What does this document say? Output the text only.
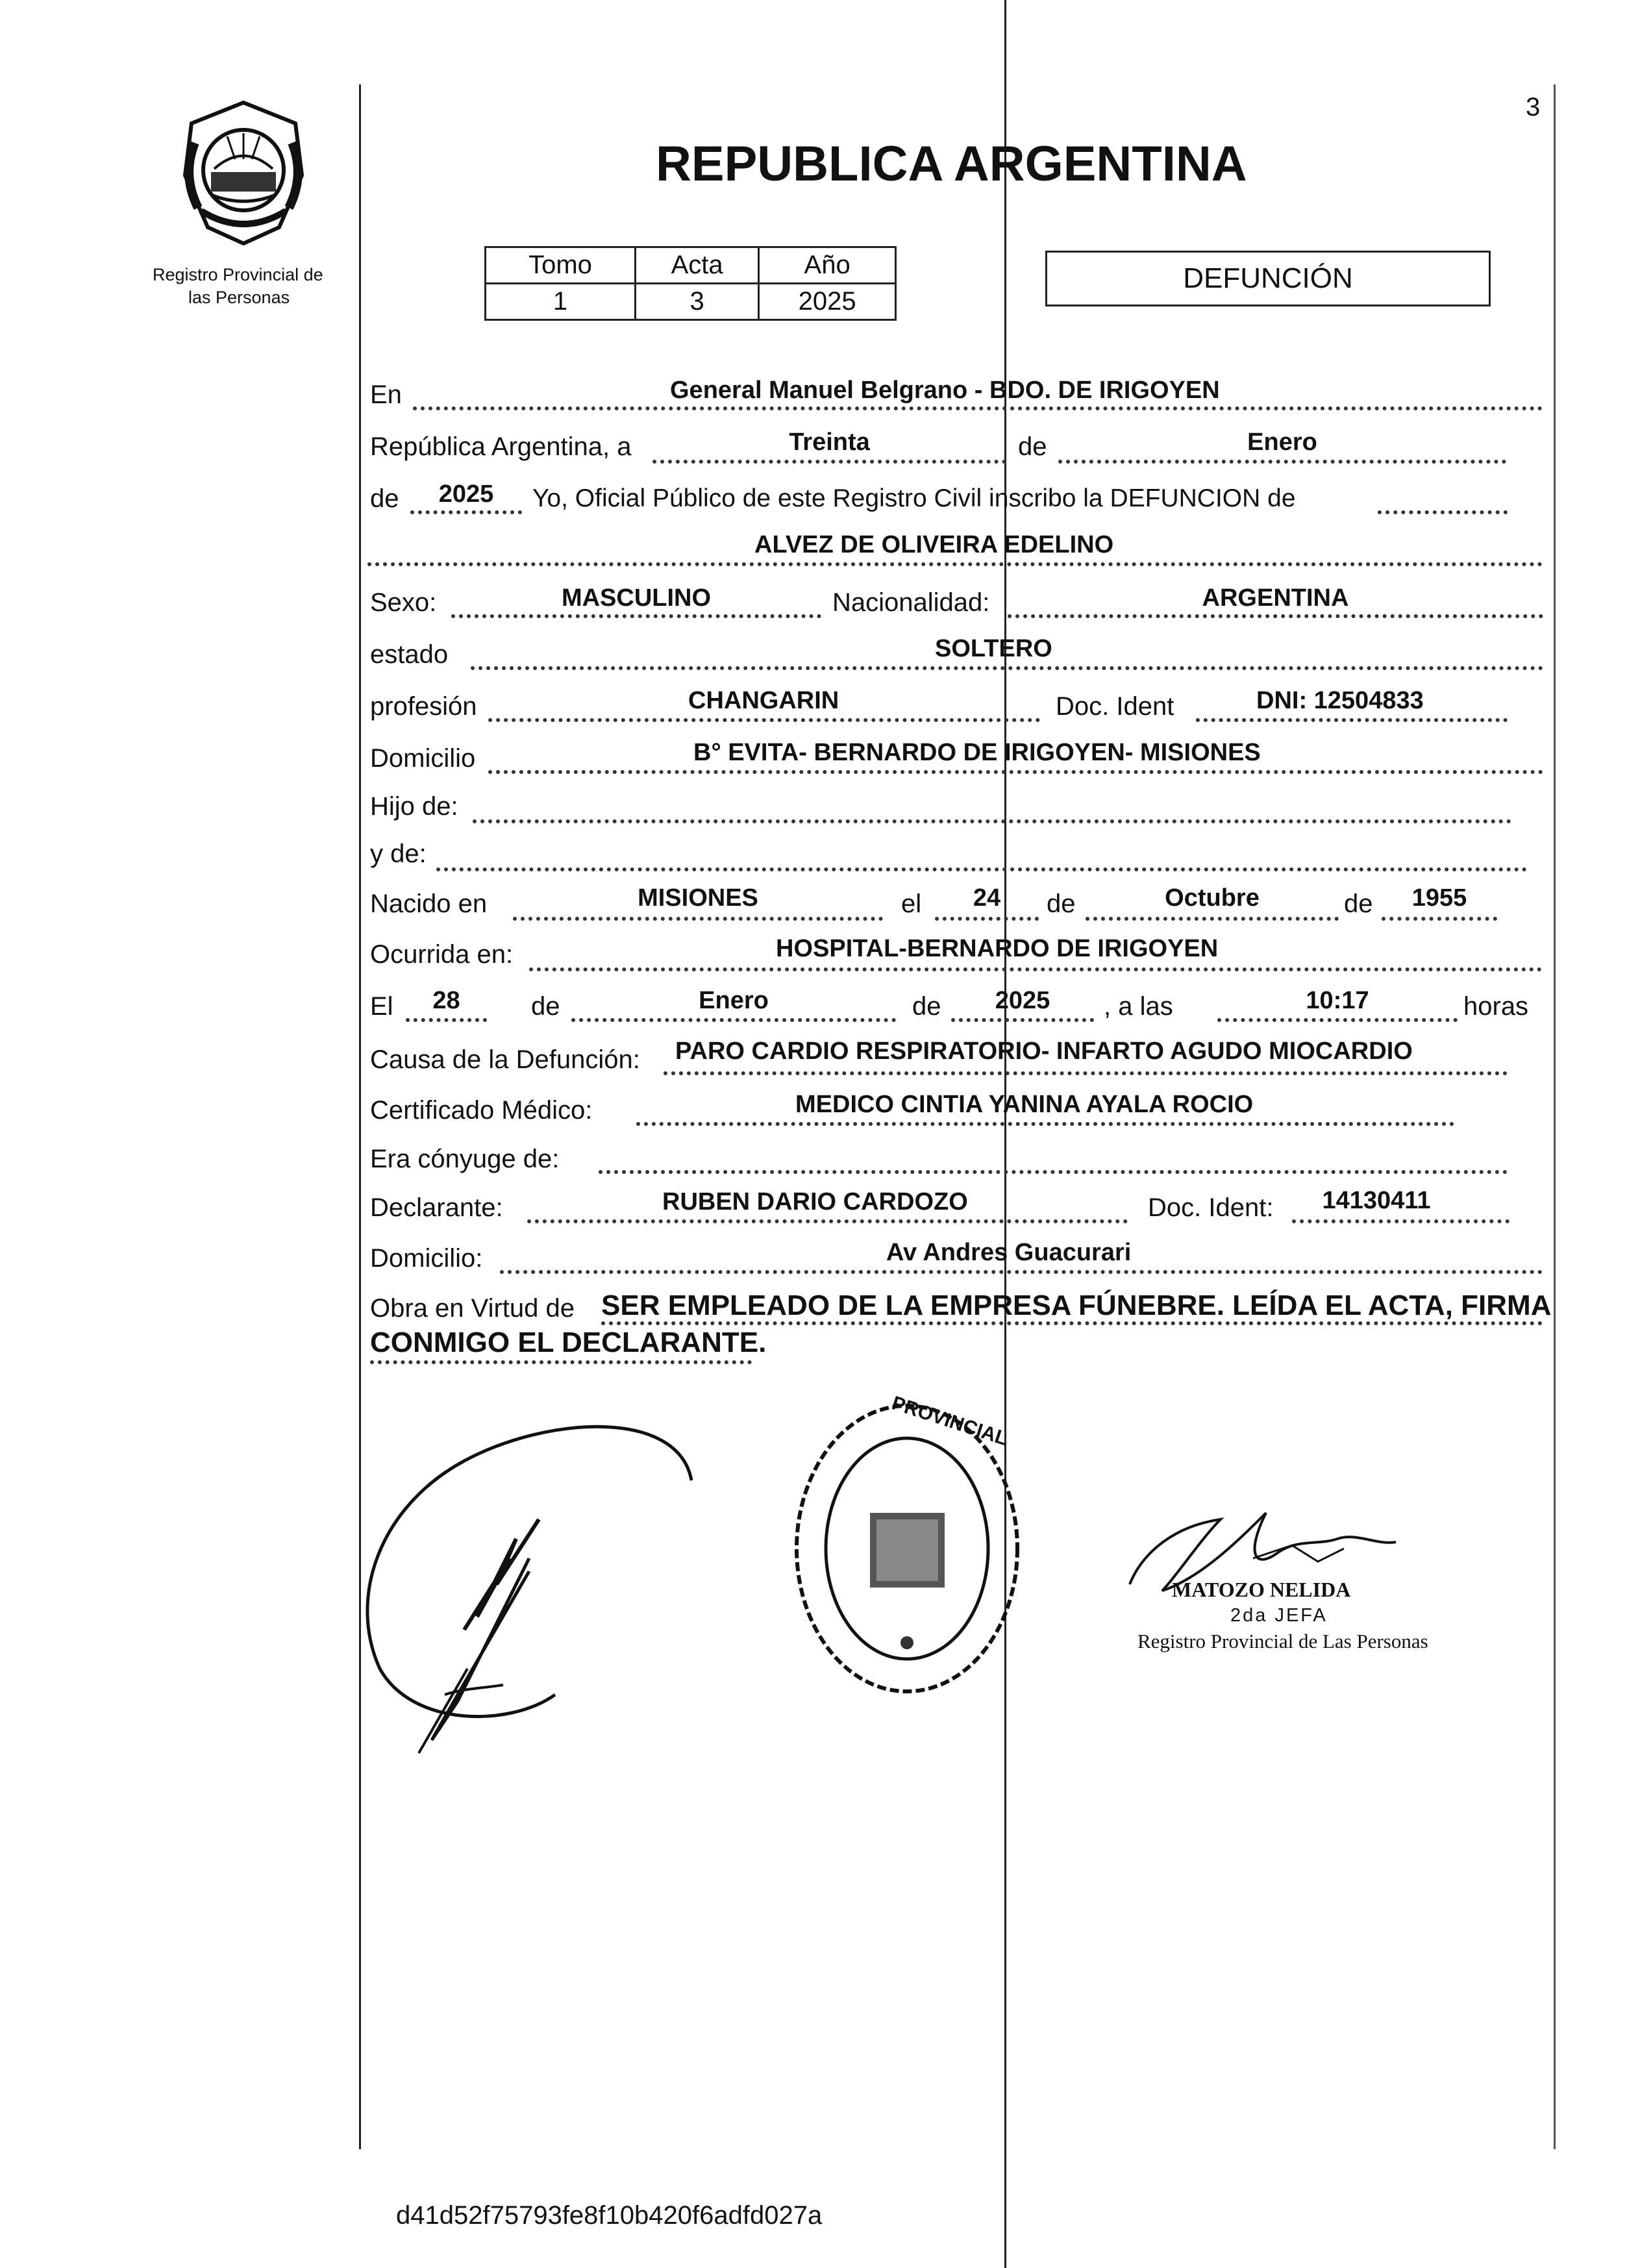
3
Registro Provincial de
las Personas
REPUBLICA ARGENTINA
Tomo	Acta	Año
1	3	2025
DEFUNCIÓN
En	General Manuel Belgrano - BDO. DE IRIGOYEN
República Argentina, a	Treinta	de	Enero
de	2025	Yo, Oficial Público de este Registro Civil inscribo la DEFUNCION de
ALVEZ DE OLIVEIRA EDELINO
Sexo:	MASCULINO	Nacionalidad:	ARGENTINA
estado	SOLTERO
profesión	CHANGARIN	Doc. Ident	DNI: 12504833
Domicilio	B° EVITA- BERNARDO DE IRIGOYEN- MISIONES
Hijo de:
y de:
Nacido en	MISIONES	el	24	de	Octubre	de	1955
Ocurrida en:	HOSPITAL-BERNARDO DE IRIGOYEN
El	28	de	Enero	de	2025	, a las	10:17	horas
Causa de la Defunción: PARO CARDIO RESPIRATORIO- INFARTO AGUDO MIOCARDIO
Certificado Médico:	MEDICO CINTIA YANINA AYALA ROCIO
Era cónyuge de:
Declarante:	RUBEN DARIO CARDOZO	Doc. Ident:	14130411
Domicilio:	Av Andres Guacurari
Obra en Virtud de SER EMPLEADO DE LA EMPRESA FÚNEBRE. LEÍDA EL ACTA, FIRMA
CONMIGO EL DECLARANTE.
PROVINCIAL
MATOZO NELIDA
2da JEFA
Registro Provincial de Las Personas
d41d52f75793fe8f10b420f6adfd027a
